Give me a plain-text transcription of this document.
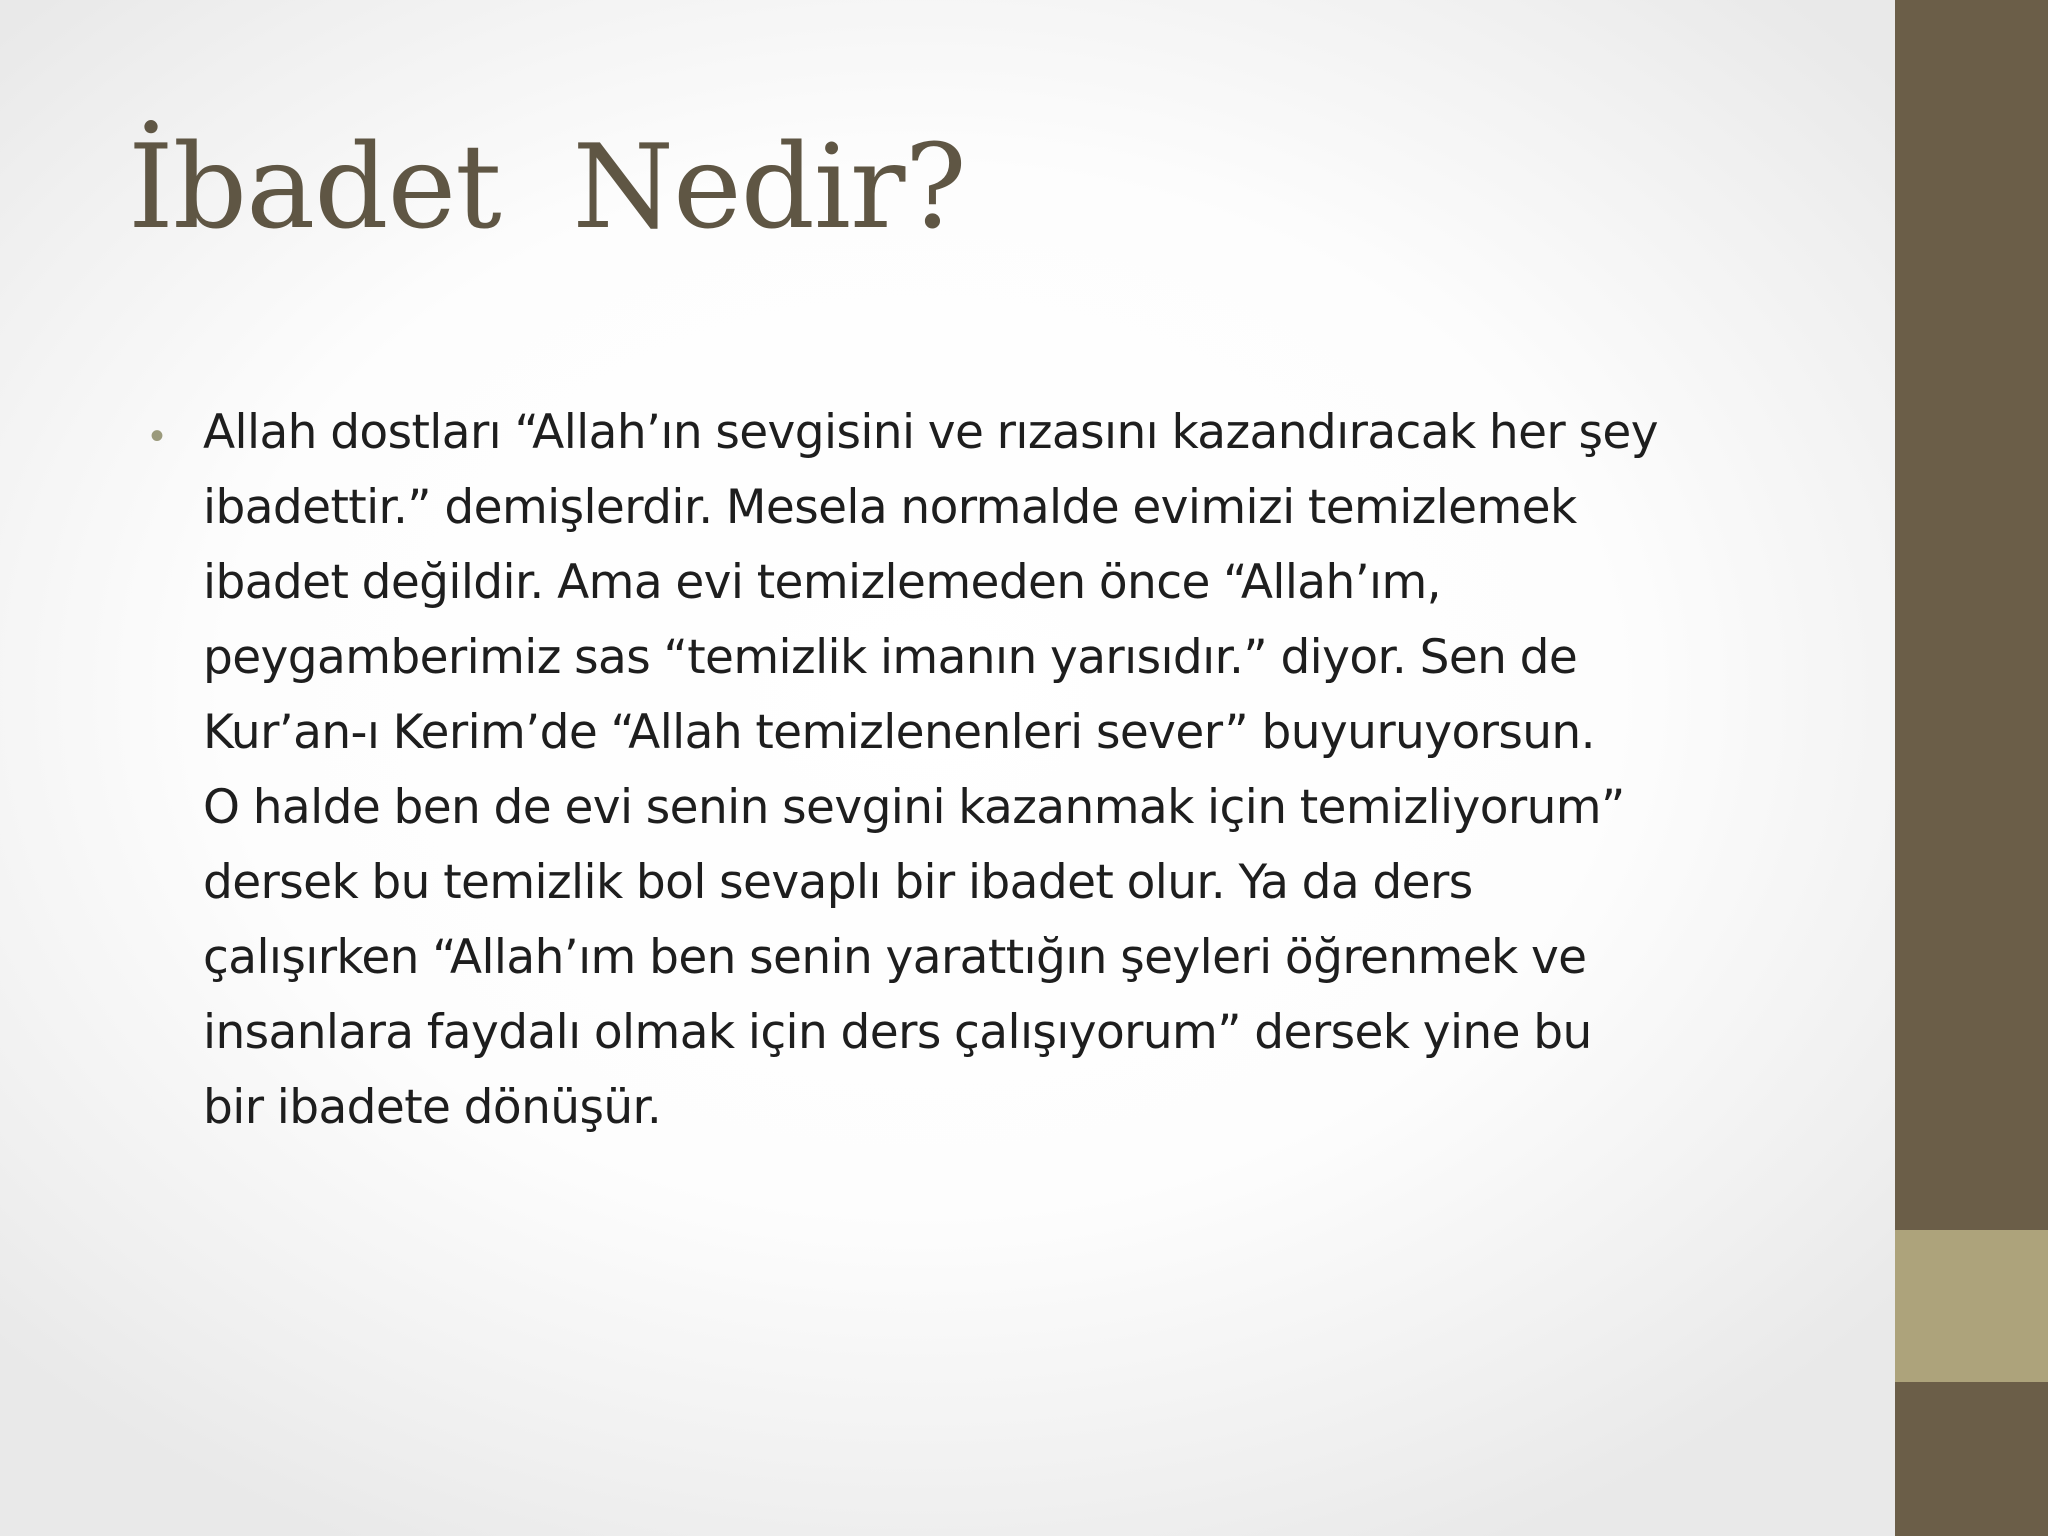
İbadet  Nedir?
• Allah dostları “Allah’ın sevgisini ve rızasını kazandıracak her şey
ibadettir.” demişlerdir. Mesela normalde evimizi temizlemek
ibadet değildir. Ama evi temizlemeden önce “Allah’ım,
peygamberimiz sas “temizlik imanın yarısıdır.” diyor. Sen de
Kur’an-ı Kerim’de “Allah temizlenenleri sever” buyuruyorsun.
O halde ben de evi senin sevgini kazanmak için temizliyorum”
dersek bu temizlik bol sevaplı bir ibadet olur. Ya da ders
çalışırken “Allah’ım ben senin yarattığın şeyleri öğrenmek ve
insanlara faydalı olmak için ders çalışıyorum” dersek yine bu
bir ibadete dönüşür.
